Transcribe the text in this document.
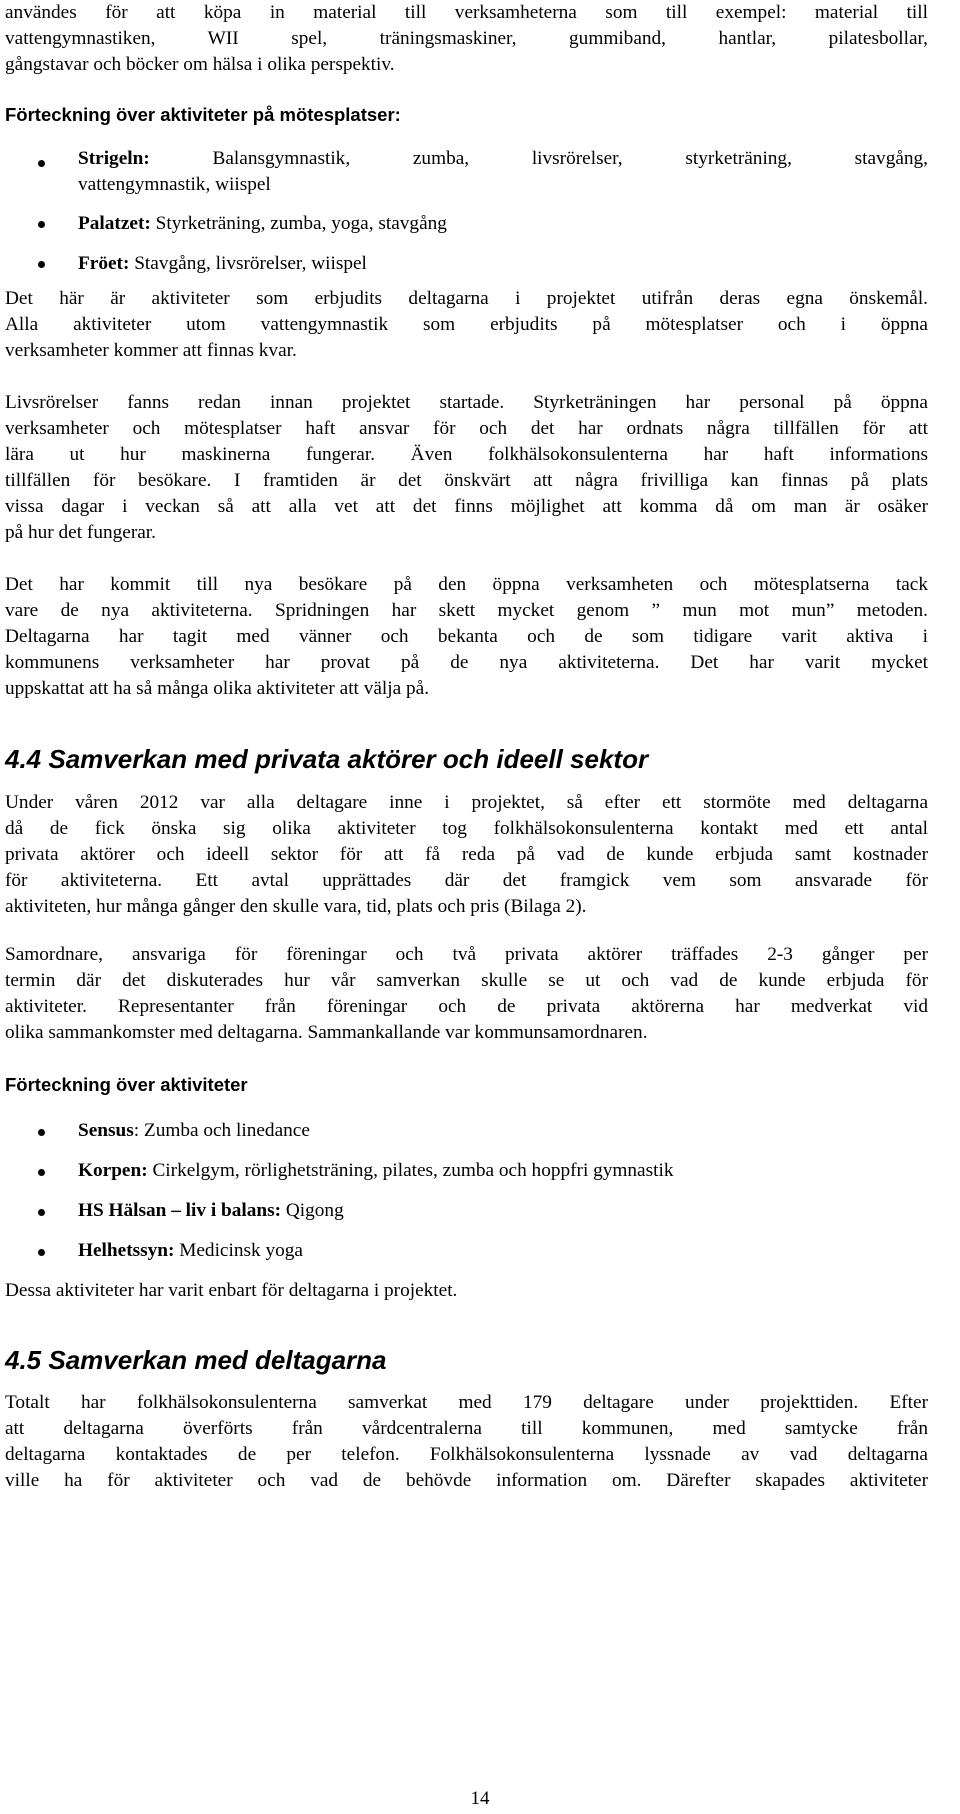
användes för att köpa in material till verksamheterna som till exempel: material till
vattengymnastiken, WII spel, träningsmaskiner, gummiband, hantlar, pilatesbollar,
gångstavar och böcker om hälsa i olika perspektiv.
Förteckning över aktiviteter på mötesplatser:
Strigeln: Balansgymnastik, zumba, livsrörelser, styrketräning, stavgång,
vattengymnastik, wiispel
Palatzet: Styrketräning, zumba, yoga, stavgång
Fröet: Stavgång, livsrörelser, wiispel
Det här är aktiviteter som erbjudits deltagarna i projektet utifrån deras egna önskemål.
Alla aktiviteter utom vattengymnastik som erbjudits på mötesplatser och i öppna
verksamheter kommer att finnas kvar.
Livsrörelser fanns redan innan projektet startade. Styrketräningen har personal på öppna
verksamheter och mötesplatser haft ansvar för och det har ordnats några tillfällen för att
lära ut hur maskinerna fungerar. Även folkhälsokonsulenterna har haft informations
tillfällen för besökare. I framtiden är det önskvärt att några frivilliga kan finnas på plats
vissa dagar i veckan så att alla vet att det finns möjlighet att komma då om man är osäker
på hur det fungerar.
Det har kommit till nya besökare på den öppna verksamheten och mötesplatserna tack
vare de nya aktiviteterna. Spridningen har skett mycket genom ” mun mot mun” metoden.
Deltagarna har tagit med vänner och bekanta och de som tidigare varit aktiva i
kommunens verksamheter har provat på de nya aktiviteterna. Det har varit mycket
uppskattat att ha så många olika aktiviteter att välja på.
4.4 Samverkan med privata aktörer och ideell sektor
Under våren 2012 var alla deltagare inne i projektet, så efter ett stormöte med deltagarna
då de fick önska sig olika aktiviteter tog folkhälsokonsulenterna kontakt med ett antal
privata aktörer och ideell sektor för att få reda på vad de kunde erbjuda samt kostnader
för aktiviteterna. Ett avtal upprättades där det framgick vem som ansvarade för
aktiviteten, hur många gånger den skulle vara, tid, plats och pris (Bilaga 2).
Samordnare, ansvariga för föreningar och två privata aktörer träffades 2-3 gånger per
termin där det diskuterades hur vår samverkan skulle se ut och vad de kunde erbjuda för
aktiviteter. Representanter från föreningar och de privata aktörerna har medverkat vid
olika sammankomster med deltagarna. Sammankallande var kommunsamordnaren.
Förteckning över aktiviteter
Sensus: Zumba och linedance
Korpen: Cirkelgym, rörlighetsträning, pilates, zumba och hoppfri gymnastik
HS Hälsan – liv i balans: Qigong
Helhetssyn: Medicinsk yoga
Dessa aktiviteter har varit enbart för deltagarna i projektet.
4.5 Samverkan med deltagarna
Totalt har folkhälsokonsulenterna samverkat med 179 deltagare under projekttiden. Efter
att deltagarna överförts från vårdcentralerna till kommunen, med samtycke från
deltagarna kontaktades de per telefon. Folkhälsokonsulenterna lyssnade av vad deltagarna
ville ha för aktiviteter och vad de behövde information om. Därefter skapades aktiviteter
14
